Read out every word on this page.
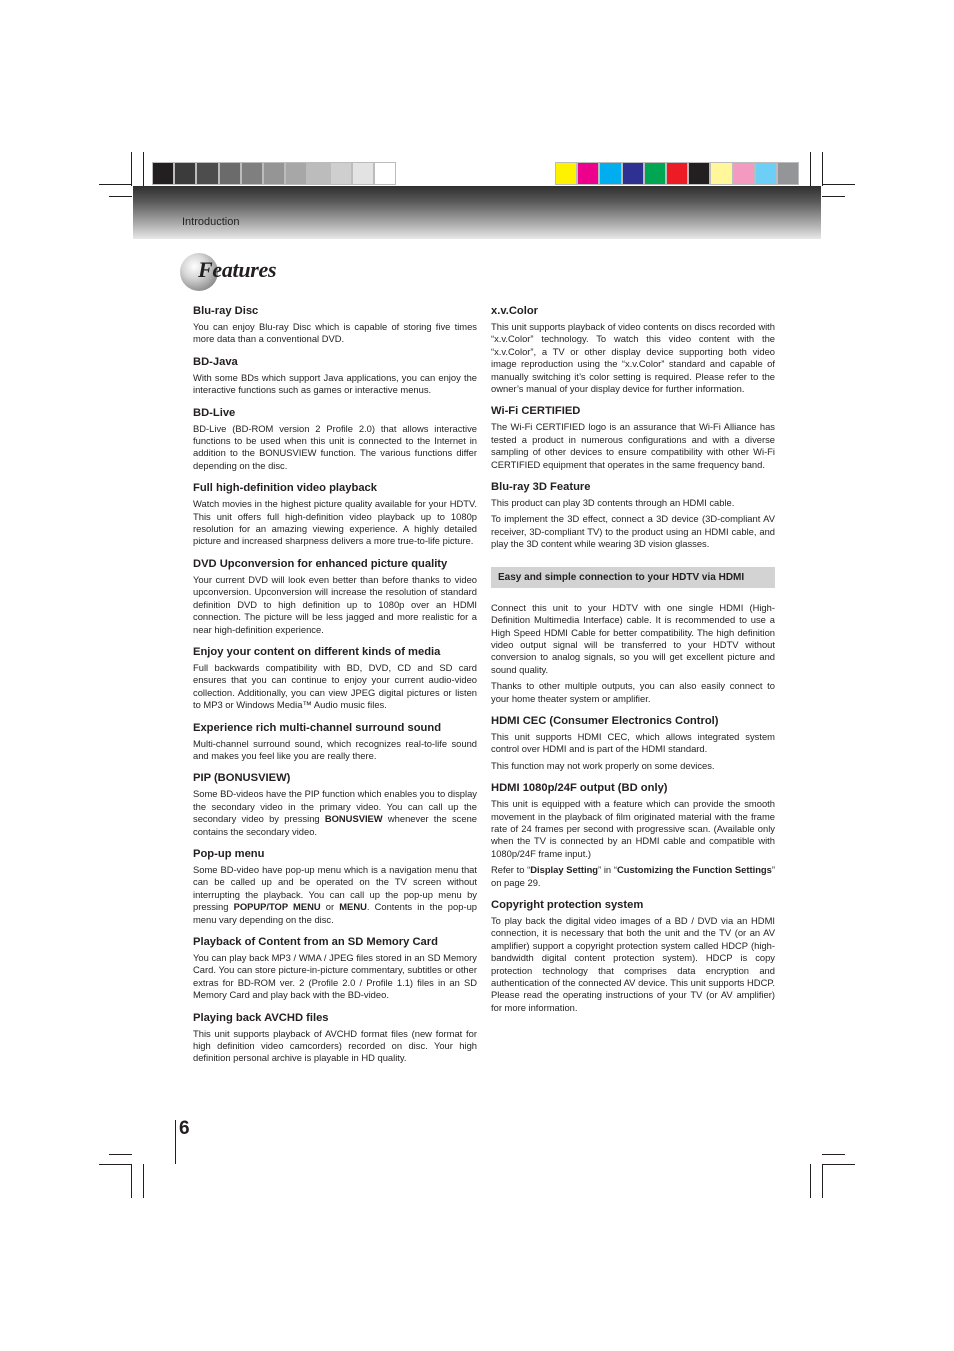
Introduction
Features
Blu-ray Disc

You can enjoy Blu-ray Disc which is capable of storing five times more data than a conventional DVD.

BD-Java

With some BDs which support Java applications, you can enjoy the interactive functions such as games or interactive menus.

BD-Live

BD-Live (BD-ROM version 2 Profile 2.0) that allows interactive functions to be used when this unit is connected to the Internet in addition to the BONUSVIEW function. The various functions differ depending on the disc.

Full high-definition video playback

Watch movies in the highest picture quality available for your HDTV. This unit offers full high-definition video playback up to 1080p resolution for an amazing viewing experience. A highly detailed picture and increased sharpness delivers a more true-to-life picture.

DVD Upconversion for enhanced picture quality

Your current DVD will look even better than before thanks to video upconversion. Upconversion will increase the resolution of standard definition DVD to high definition up to 1080p over an HDMI connection. The picture will be less jagged and more realistic for a near high-definition experience.

Enjoy your content on different kinds of media

Full backwards compatibility with BD, DVD, CD and SD card ensures that you can continue to enjoy your current audio-video collection. Additionally, you can view JPEG digital pictures or listen to MP3 or Windows Media™ Audio music files.

Experience rich multi-channel surround sound

Multi-channel surround sound, which recognizes real-to-life sound and makes you feel like you are really there.

PIP (BONUSVIEW)

Some BD-videos have the PIP function which enables you to display the secondary video in the primary video. You can call up the secondary video by pressing BONUSVIEW whenever the scene contains the secondary video.

Pop-up menu

Some BD-video have pop-up menu which is a navigation menu that can be called up and be operated on the TV screen without interrupting the playback. You can call up the pop-up menu by pressing POPUP/TOP MENU or MENU. Contents in the pop-up menu vary depending on the disc.

Playback of Content from an SD Memory Card

You can play back MP3 / WMA / JPEG files stored in an SD Memory Card. You can store picture-in-picture commentary, subtitles or other extras for BD-ROM ver. 2 (Profile 2.0 / Profile 1.1) files in an SD Memory Card and play back with the BD-video.

Playing back AVCHD files

This unit supports playback of AVCHD format files (new format for high definition video camcorders) recorded on disc. Your high definition personal archive is playable in HD quality.

x.v.Color

This unit supports playback of video contents on discs recorded with “x.v.Color” technology. To watch this video content with the “x.v.Color”, a TV or other display device supporting both video image reproduction using the “x.v.Color” standard and capable of manually switching it’s color setting is required. Please refer to the owner’s manual of your display device for further information.

Wi-Fi CERTIFIED

The Wi-Fi CERTIFIED logo is an assurance that Wi-Fi Alliance has tested a product in numerous configurations and with a diverse sampling of other devices to ensure compatibility with other Wi-Fi CERTIFIED equipment that operates in the same frequency band.

Blu-ray 3D Feature

This product can play 3D contents through an HDMI cable.

To implement the 3D effect, connect a 3D device (3D-compliant AV receiver, 3D-compliant TV) to the product using an HDMI cable, and play the 3D content while wearing 3D vision glasses.

Easy and simple connection to your HDTV via HDMI

Connect this unit to your HDTV with one single HDMI (High-Definition Multimedia Interface) cable. It is recommended to use a High Speed HDMI Cable for better compatibility. The high definition video output signal will be transferred to your HDTV without conversion to analog signals, so you will get excellent picture and sound quality.

Thanks to other multiple outputs, you can also easily connect to your home theater system or amplifier.

HDMI CEC (Consumer Electronics Control)

This unit supports HDMI CEC, which allows integrated system control over HDMI and is part of the HDMI standard.

This function may not work properly on some devices.

HDMI 1080p/24F output (BD only)

This unit is equipped with a feature which can provide the smooth movement in the playback of film originated material with the frame rate of 24 frames per second with progressive scan. (Available only when the TV is connected by an HDMI cable and compatible with 1080p/24F frame input.)

Refer to “Display Setting” in “Customizing the Function Settings” on page 29.

Copyright protection system

To play back the digital video images of a BD / DVD via an HDMI connection, it is necessary that both the unit and the TV (or an AV amplifier) support a copyright protection system called HDCP (high-bandwidth digital content protection system). HDCP is copy protection technology that comprises data encryption and authentication of the connected AV device. This unit supports HDCP. Please read the operating instructions of your TV (or AV amplifier) for more information.

6
